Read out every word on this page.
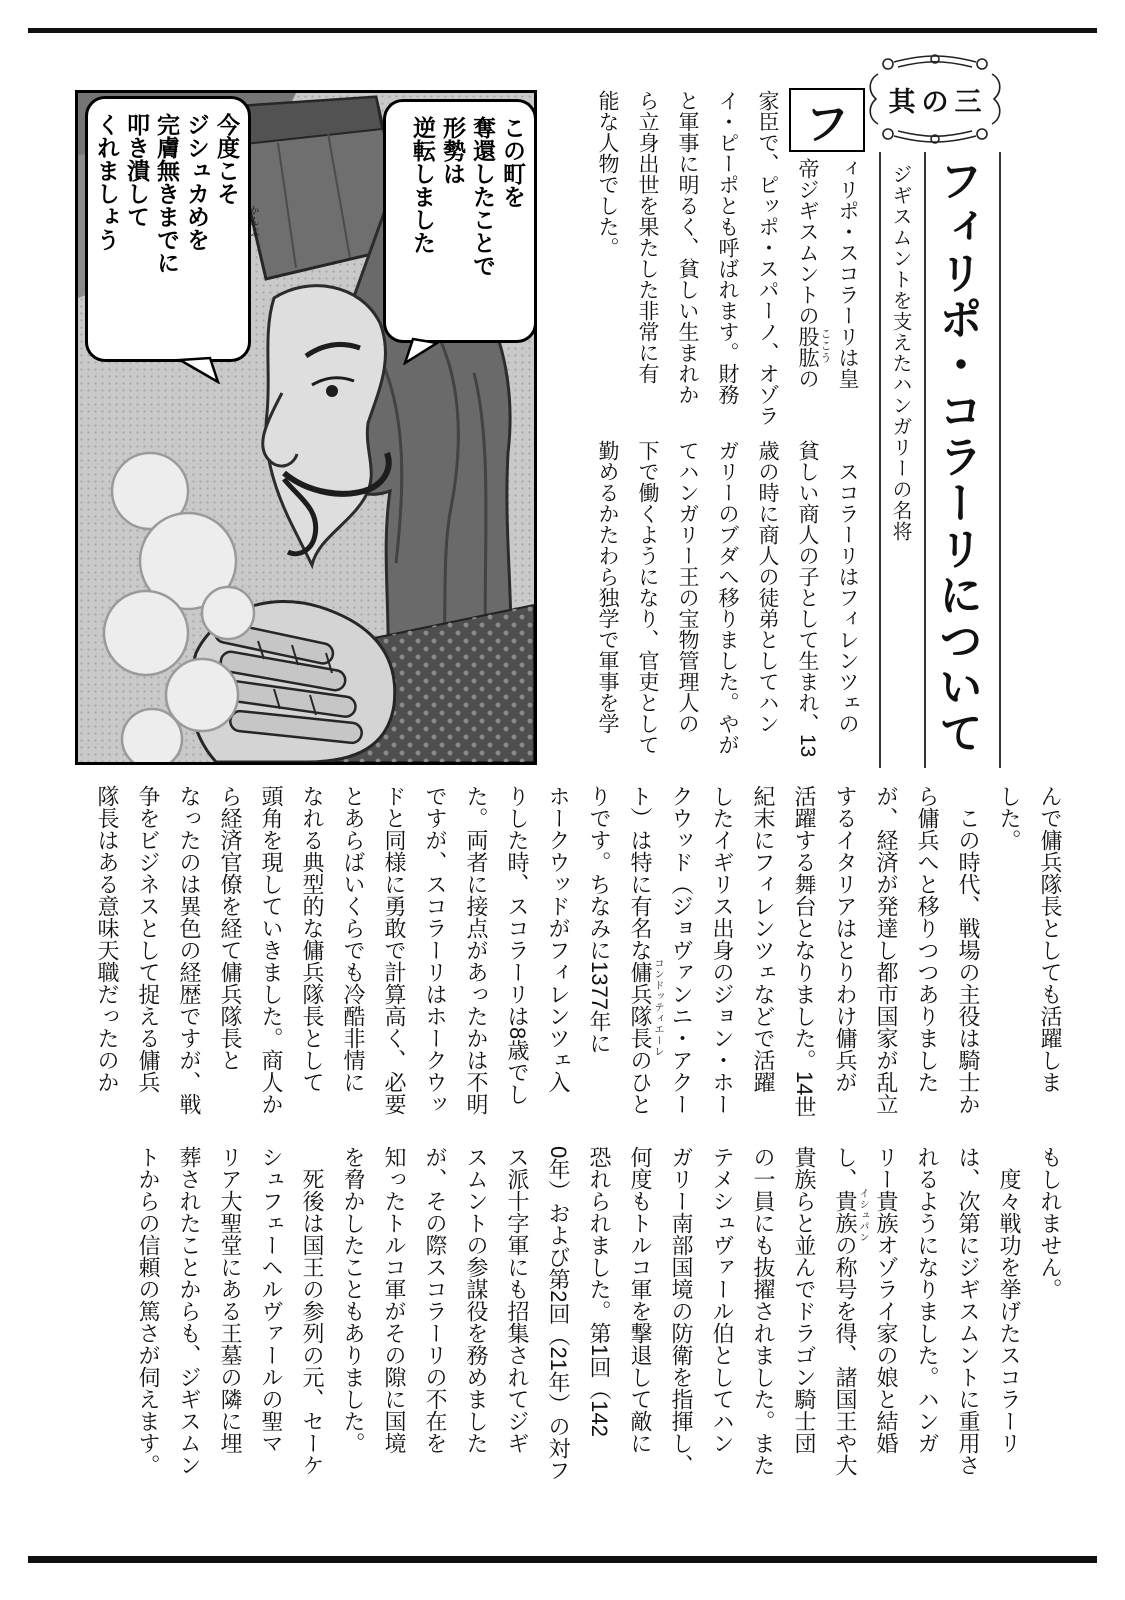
其の三
フィリポ・コラーリについて
ジギスムントを支えたハンガリーの名将
フ
ィリポ・スコラーリは皇
帝ジギスムントの股肱の
家臣で、ピッポ・スパーノ、オゾラ
イ・ピーポとも呼ばれます。財務
と軍事に明るく、貧しい生まれか
ら立身出世を果たした非常に有
能な人物でした。
　スコラーリはフィレンツェの
貧しい商人の子として生まれ、13
歳の時に商人の徒弟としてハン
ガリーのブダへ移りました。やが
てハンガリー王の宝物管理人の
下で働くようになり、官吏として
勤めるかたわら独学で軍事を学
ここう
この町を
奪還したことで
形勢は
逆転しました
今度こそ
ジシュカめを
完膚無きまでに
叩き潰して
くれましょう	かんぷ
んで傭兵隊長としても活躍しま
した。
　この時代、戦場の主役は騎士か
ら傭兵へと移りつつありました
が、経済が発達し都市国家が乱立
するイタリアはとりわけ傭兵が
活躍する舞台となりました。14世
紀末にフィレンツェなどで活躍
したイギリス出身のジョン・ホー
クウッド（ジョヴァンニ・アクー
ト）は特に有名な傭兵隊長のひと
りです。ちなみに1377年に
ホークウッドがフィレンツェ入
りした時、スコラーリは8歳でし
た。両者に接点があったかは不明
ですが、スコラーリはホークウッ
ドと同様に勇敢で計算高く、必要
とあらばいくらでも冷酷非情に
なれる典型的な傭兵隊長として
頭角を現していきました。商人か
ら経済官僚を経て傭兵隊長と
なったのは異色の経歴ですが、戦
争をビジネスとして捉える傭兵
隊長はある意味天職だったのか
もしれません。
　度々戦功を挙げたスコラーリ
は、次第にジギスムントに重用さ
れるようになりました。ハンガ
リー貴族オゾライ家の娘と結婚
し、貴族の称号を得、諸国王や大
貴族らと並んでドラゴン騎士団
の一員にも抜擢されました。また
テメシュヴァール伯としてハン
ガリー南部国境の防衛を指揮し、
何度もトルコ軍を撃退して敵に
恐れられました。第1回（142
0年）および第2回（21年）の対フ
ス派十字軍にも招集されてジギ
スムントの参謀役を務めました
が、その際スコラーリの不在を
知ったトルコ軍がその隙に国境
を脅かしたこともありました。
　死後は国王の参列の元、セーケ
シュフェーヘルヴァールの聖マ
リア大聖堂にある王墓の隣に埋
葬されたことからも、ジギスムン
トからの信頼の篤さが伺えます。
コンドッティエーレ
イシュパン
